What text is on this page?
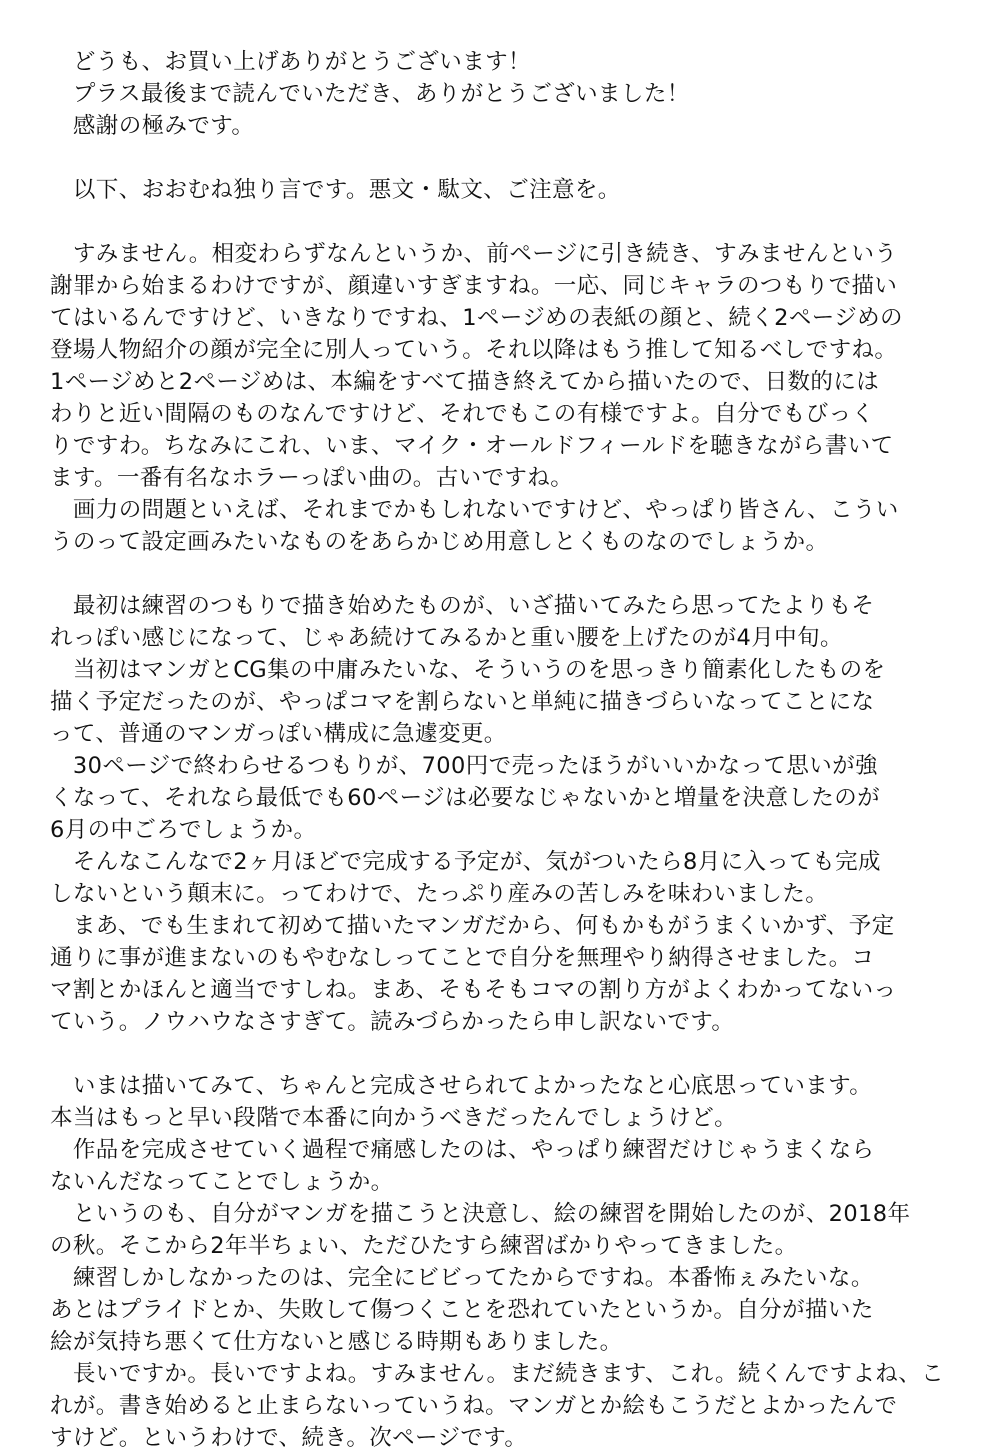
　どうも、お買い上げありがとうございます！
　プラス最後まで読んでいただき、ありがとうございました！
　感謝の極みです。
　以下、おおむね独り言です。悪文・駄文、ご注意を。
　すみません。相変わらずなんというか、前ページに引き続き、すみませんという
謝罪から始まるわけですが、顔違いすぎますね。一応、同じキャラのつもりで描い
てはいるんですけど、いきなりですね、1ページめの表紙の顔と、続く2ページめの
登場人物紹介の顔が完全に別人っていう。それ以降はもう推して知るべしですね。
1ページめと2ページめは、本編をすべて描き終えてから描いたので、日数的には
わりと近い間隔のものなんですけど、それでもこの有様ですよ。自分でもびっく
りですわ。ちなみにこれ、いま、マイク・オールドフィールドを聴きながら書いて
ます。一番有名なホラーっぽい曲の。古いですね。
　画力の問題といえば、それまでかもしれないですけど、やっぱり皆さん、こうい
うのって設定画みたいなものをあらかじめ用意しとくものなのでしょうか。
　最初は練習のつもりで描き始めたものが、いざ描いてみたら思ってたよりもそ
れっぽい感じになって、じゃあ続けてみるかと重い腰を上げたのが4月中旬。
　当初はマンガとCG集の中庸みたいな、そういうのを思っきり簡素化したものを
描く予定だったのが、やっぱコマを割らないと単純に描きづらいなってことにな
って、普通のマンガっぽい構成に急遽変更。
　30ページで終わらせるつもりが、700円で売ったほうがいいかなって思いが強
くなって、それなら最低でも60ページは必要なじゃないかと増量を決意したのが
6月の中ごろでしょうか。
　そんなこんなで2ヶ月ほどで完成する予定が、気がついたら8月に入っても完成
しないという顛末に。ってわけで、たっぷり産みの苦しみを味わいました。
　まあ、でも生まれて初めて描いたマンガだから、何もかもがうまくいかず、予定
通りに事が進まないのもやむなしってことで自分を無理やり納得させました。コ
マ割とかほんと適当ですしね。まあ、そもそもコマの割り方がよくわかってないっ
ていう。ノウハウなさすぎて。読みづらかったら申し訳ないです。
　いまは描いてみて、ちゃんと完成させられてよかったなと心底思っています。
本当はもっと早い段階で本番に向かうべきだったんでしょうけど。
　作品を完成させていく過程で痛感したのは、やっぱり練習だけじゃうまくなら
ないんだなってことでしょうか。
　というのも、自分がマンガを描こうと決意し、絵の練習を開始したのが、2018年
の秋。そこから2年半ちょい、ただひたすら練習ばかりやってきました。
　練習しかしなかったのは、完全にビビってたからですね。本番怖ぇみたいな。
あとはプライドとか、失敗して傷つくことを恐れていたというか。自分が描いた
絵が気持ち悪くて仕方ないと感じる時期もありました。
　長いですか。長いですよね。すみません。まだ続きます、これ。続くんですよね、こ
れが。書き始めると止まらないっていうね。マンガとか絵もこうだとよかったんで
すけど。というわけで、続き。次ページです。
